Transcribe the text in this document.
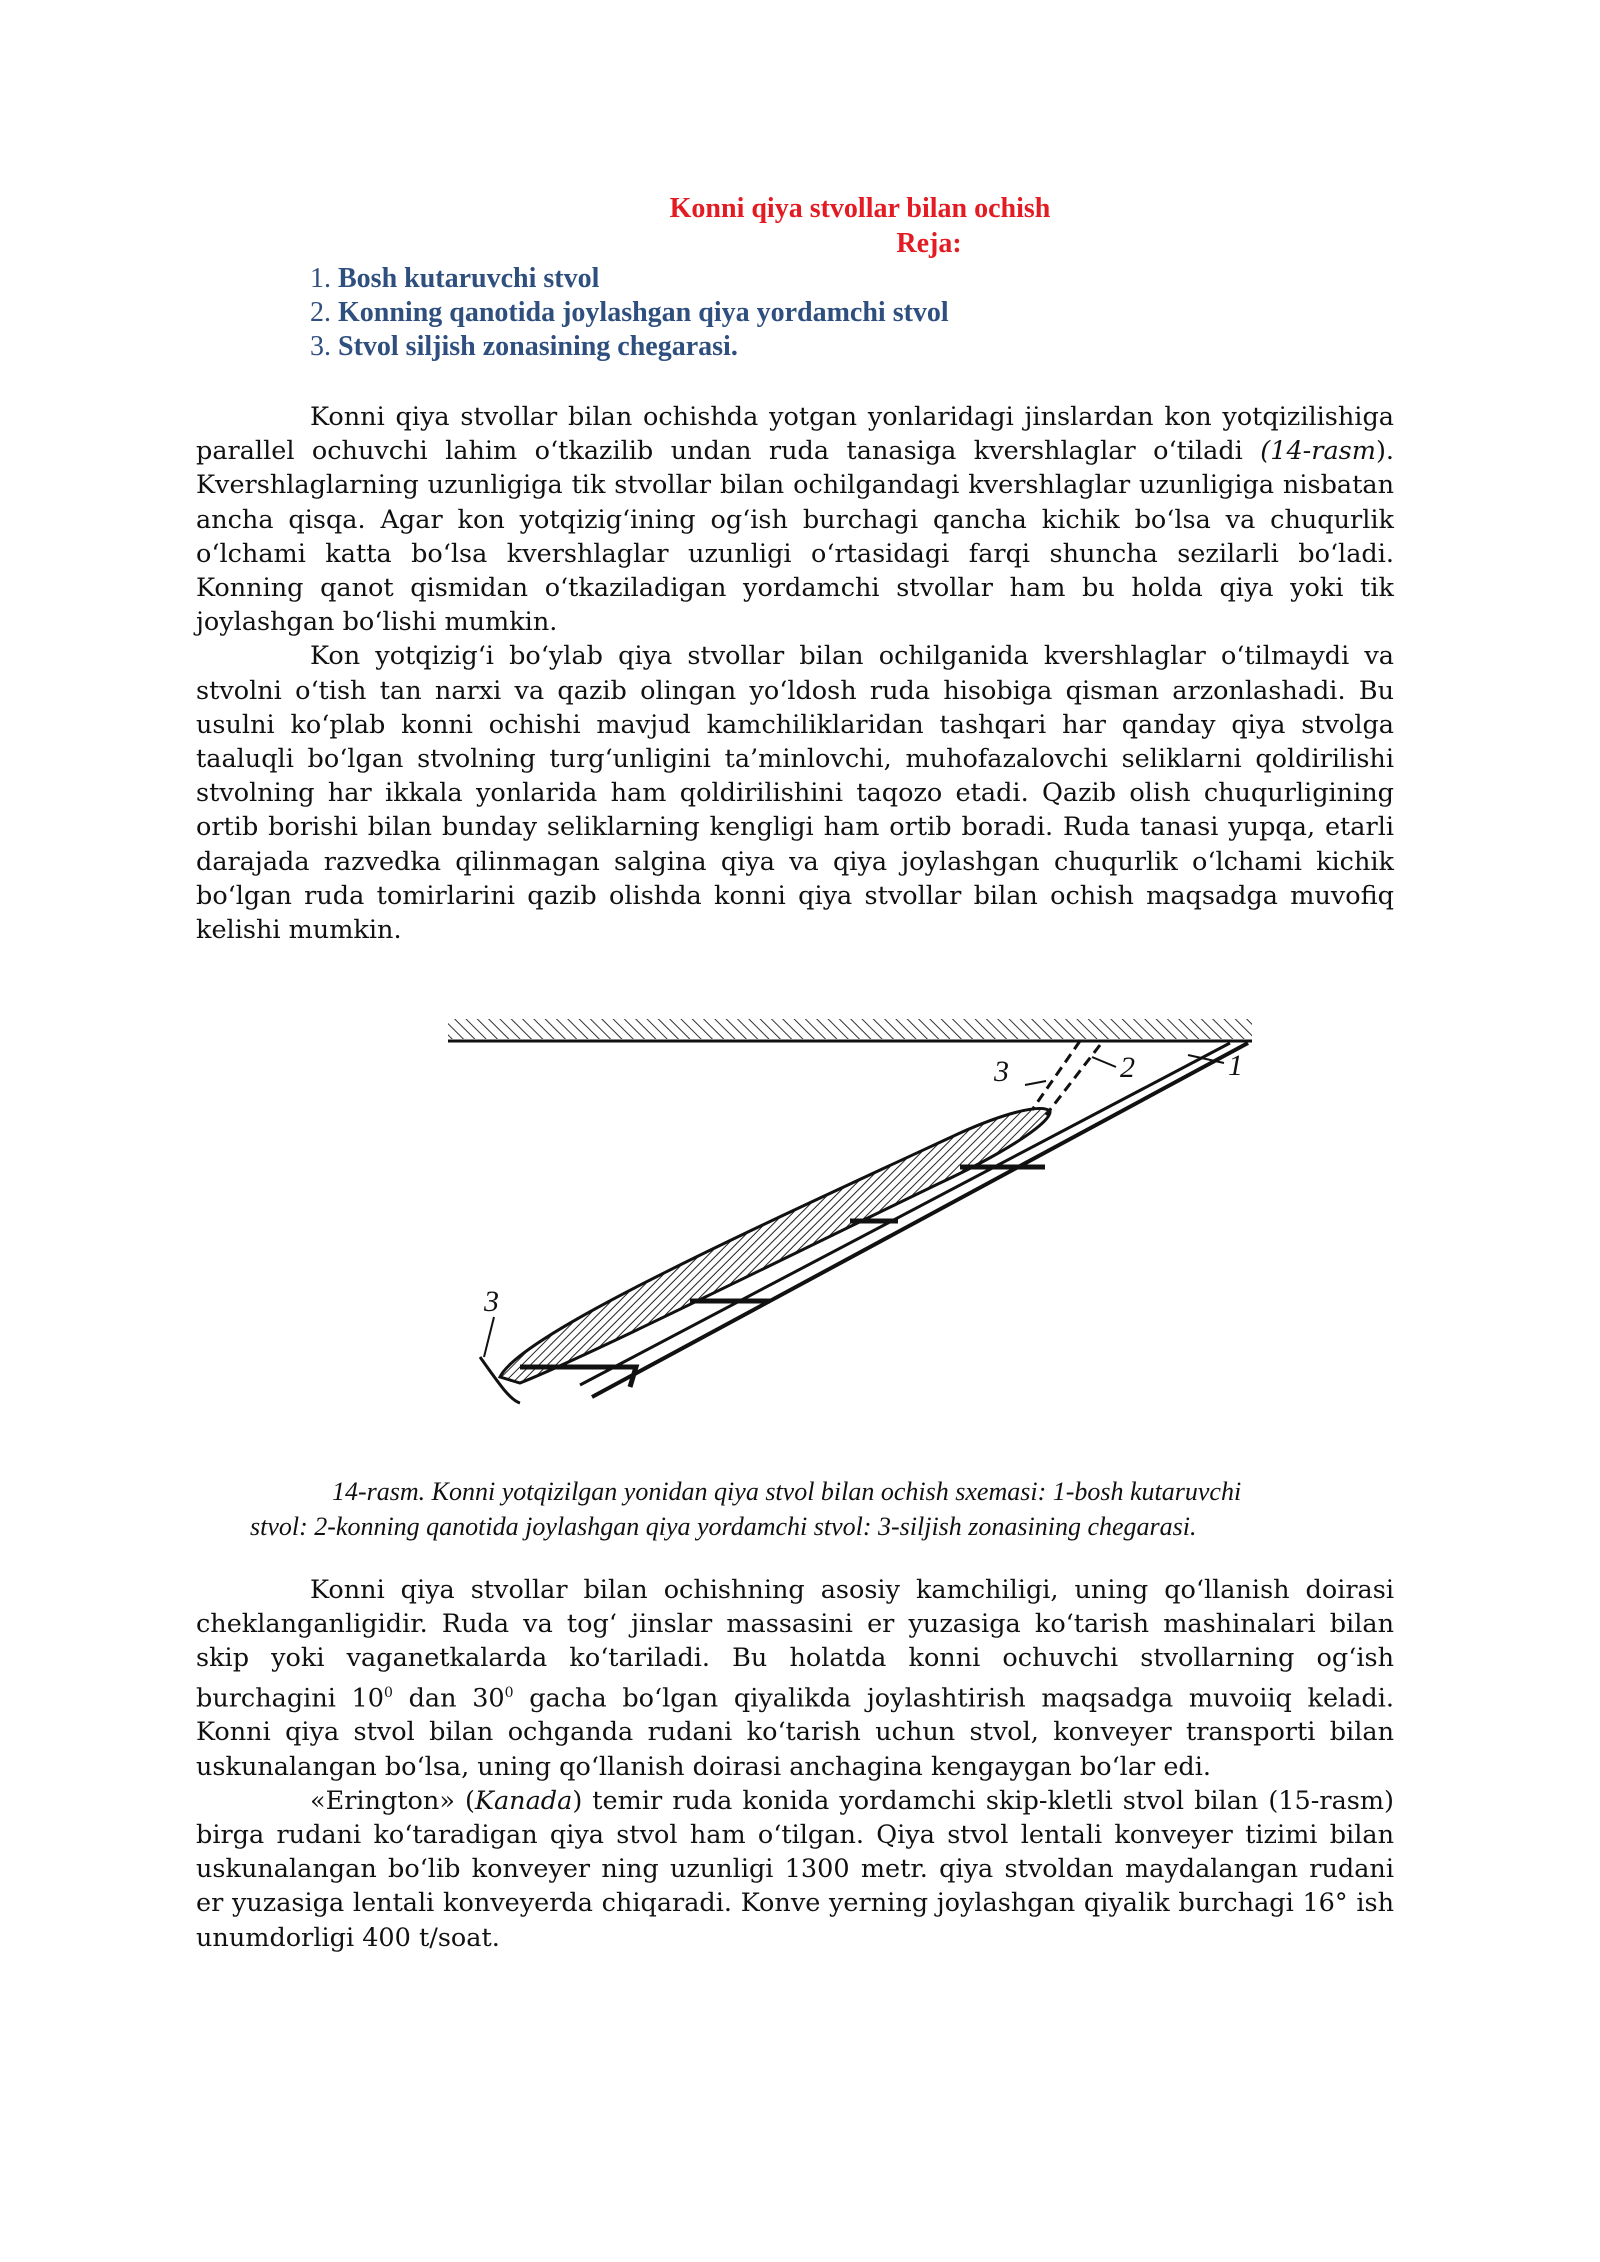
Konni qiya stvollar bilan ochish
Reja:
1. Bosh kutaruvchi stvol
2. Konning qanotida joylashgan qiya yordamchi stvol
3. Stvol siljish zonasining chegarasi.

Konni qiya stvollar bilan ochishda yotgan yonlaridagi jinslardan kon yotqizilishiga parallel ochuvchi lahim o‘tkazilib undan ruda tanasiga kvershlaglar o‘tiladi (14-rasm). Kvershlaglarning uzunligiga tik stvollar bilan ochilgandagi kvershlaglar uzunligiga nisbatan ancha qisqa. Agar kon yotqizig‘ining og‘ish burchagi qancha kichik bo‘lsa va chuqurlik o‘lchami katta bo‘lsa kvershlaglar uzunligi o‘rtasidagi farqi shuncha sezilarli bo‘ladi. Konning qanot qismidan o‘tkaziladigan yordamchi stvollar ham bu holda qiya yoki tik joylashgan bo‘lishi mumkin.

Kon yotqizig‘i bo‘ylab qiya stvollar bilan ochilganida kvershlaglar o‘tilmaydi va stvolni o‘tish tan narxi va qazib olingan yo‘ldosh ruda hisobiga qisman arzonlashadi. Bu usulni ko‘plab konni ochishi mavjud kamchiliklaridan tashqari har qanday qiya stvolga taaluqli bo‘lgan stvolning turg‘unligini ta’minlovchi, muhofazalovchi seliklarni qoldirilishi stvolning har ikkala yonlarida ham qoldirilishini taqozo etadi. Qazib olish chuqurligining ortib borishi bilan bunday seliklarning kengligi ham ortib boradi. Ruda tanasi yupqa, etarli darajada razvedka qilinmagan salgina qiya va qiya joylashgan chuqurlik o‘lchami kichik bo‘lgan ruda tomirlarini qazib olishda konni qiya stvollar bilan ochish maqsadga muvofiq kelishi mumkin.

1
2
3
3
14-rasm. Konni yotqizilgan yonidan qiya stvol bilan ochish sxemasi: 1-bosh kutaruvchi
stvol: 2-konning qanotida joylashgan qiya yordamchi stvol: 3-siljish zonasining chegarasi.

Konni qiya stvollar bilan ochishning asosiy kamchiligi, uning qo‘llanish doirasi cheklanganligidir. Ruda va tog‘ jinslar massasini er yuzasiga ko‘tarish mashinalari bilan skip yoki vaganetkalarda ko‘tariladi. Bu holatda konni ochuvchi stvollarning og‘ish burchagini $10^0$ dan $30^0$ gacha bo‘lgan qiyalikda joylashtirish maqsadga muvoiiq keladi. Konni qiya stvol bilan ochganda rudani ko‘tarish uchun stvol, konveyer transporti bilan uskunalangan bo‘lsa, uning qo‘llanish doirasi anchagina kengaygan bo‘lar edi.

«Erington» (Kanada) temir ruda konida yordamchi skip-kletli stvol bilan (15-rasm) birga rudani ko‘taradigan qiya stvol ham o‘tilgan. Qiya stvol lentali konveyer tizimi bilan uskunalangan bo‘lib konveyer ning uzunligi 1300 metr. qiya stvoldan maydalangan rudani er yuzasiga lentali konveyerda chiqaradi. Konve yerning joylashgan qiyalik burchagi 16° ish unumdorligi 400 t/soat.
